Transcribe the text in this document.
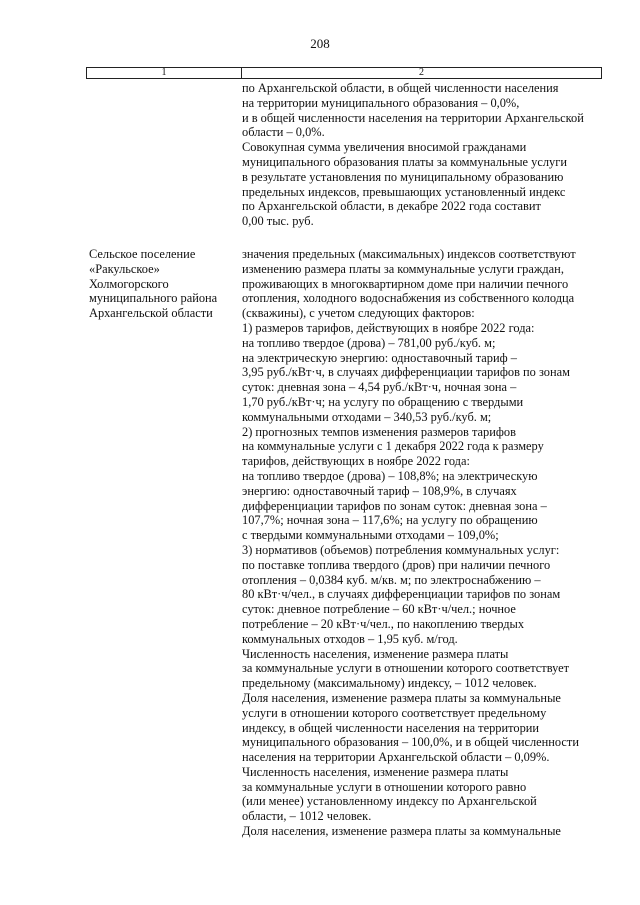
208
1	2
по Архангельской области, в общей численности населения
на территории муниципального образования – 0,0%,
и в общей численности населения на территории Архангельской
области – 0,0%.
Совокупная сумма увеличения вносимой гражданами
муниципального образования платы за коммунальные услуги
в результате установления по муниципальному образованию
предельных индексов, превышающих установленный индекс
по Архангельской области, в декабре 2022 года составит
0,00 тыс. руб.
Сельское поселение
«Ракульское»
Холмогорского
муниципального района
Архангельской области
значения предельных (максимальных) индексов соответствуют
изменению размера платы за коммунальные услуги граждан,
проживающих в многоквартирном доме при наличии печного
отопления, холодного водоснабжения из собственного колодца
(скважины), с учетом следующих факторов:
1) размеров тарифов, действующих в ноябре 2022 года:
на топливо твердое (дрова) – 781,00 руб./куб. м;
на электрическую энергию: одноставочный тариф –
3,95 руб./кВт·ч, в случаях дифференциации тарифов по зонам
суток: дневная зона – 4,54 руб./кВт·ч, ночная зона –
1,70 руб./кВт·ч; на услугу по обращению с твердыми
коммунальными отходами – 340,53 руб./куб. м;
2) прогнозных темпов изменения размеров тарифов
на коммунальные услуги с 1 декабря 2022 года к размеру
тарифов, действующих в ноябре 2022 года:
на топливо твердое (дрова) – 108,8%; на электрическую
энергию: одноставочный тариф – 108,9%, в случаях
дифференциации тарифов по зонам суток: дневная зона –
107,7%; ночная зона – 117,6%; на услугу по обращению
с твердыми коммунальными отходами – 109,0%;
3) нормативов (объемов) потребления коммунальных услуг:
по поставке топлива твердого (дров) при наличии печного
отопления – 0,0384 куб. м/кв. м; по электроснабжению –
80 кВт·ч/чел., в случаях дифференциации тарифов по зонам
суток: дневное потребление – 60 кВт·ч/чел.; ночное
потребление – 20 кВт·ч/чел., по накоплению твердых
коммунальных отходов – 1,95 куб. м/год.
Численность населения, изменение размера платы
за коммунальные услуги в отношении которого соответствует
предельному (максимальному) индексу, – 1012 человек.
Доля населения, изменение размера платы за коммунальные
услуги в отношении которого соответствует предельному
индексу, в общей численности населения на территории
муниципального образования – 100,0%, и в общей численности
населения на территории Архангельской области – 0,09%.
Численность населения, изменение размера платы
за коммунальные услуги в отношении которого равно
(или менее) установленному индексу по Архангельской
области, – 1012 человек.
Доля населения, изменение размера платы за коммунальные
